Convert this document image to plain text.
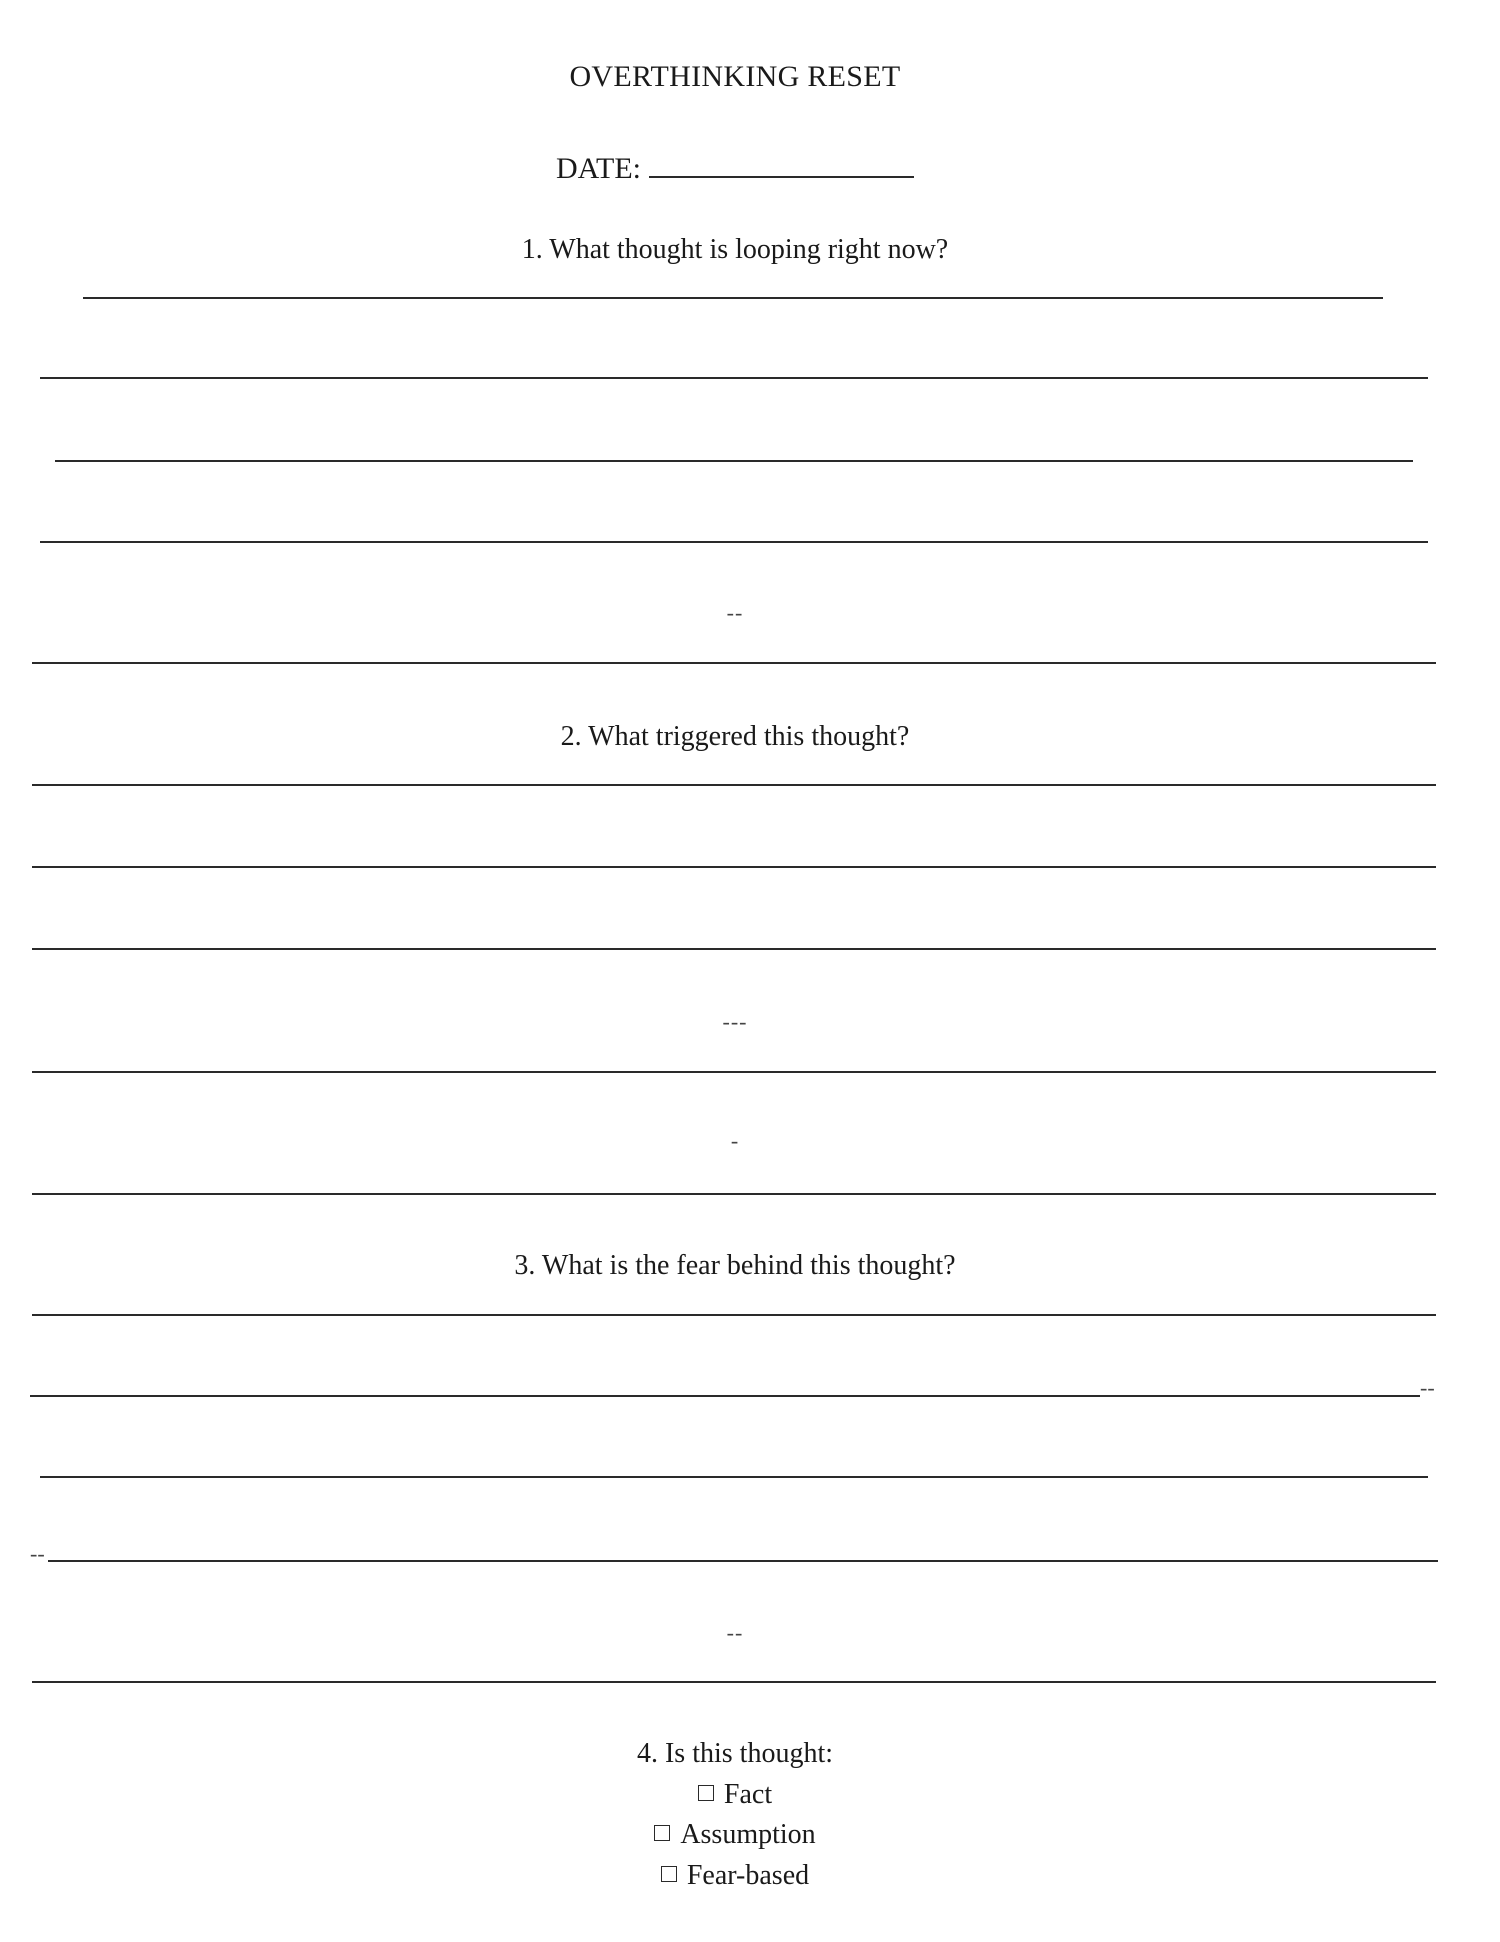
OVERTHINKING RESET
DATE:
1. What thought is looping right now?
--
2. What triggered this thought?
---
-
3. What is the fear behind this thought?
--
--
--
4. Is this thought:
Fact
Assumption
Fear-based
